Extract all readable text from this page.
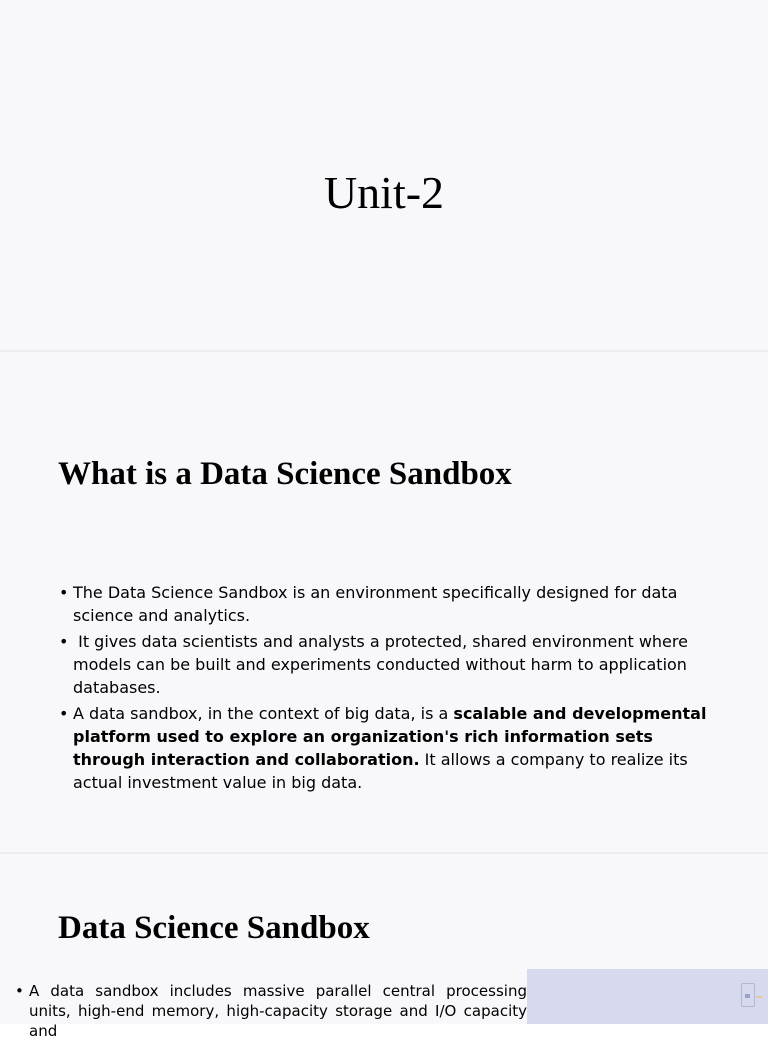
Unit-2
What is a Data Science Sandbox
• The Data Science Sandbox is an environment specifically designed for data science and analytics.
•  It gives data scientists and analysts a protected, shared environment where models can be built and experiments conducted without harm to application databases.
• A data sandbox, in the context of big data, is a scalable and developmental platform used to explore an organization's rich information sets through interaction and collaboration. It allows a company to realize its actual investment value in big data.
Data Science Sandbox
• A data sandbox includes massive parallel central processing units, high-end memory, high-capacity storage and I/O capacity and
